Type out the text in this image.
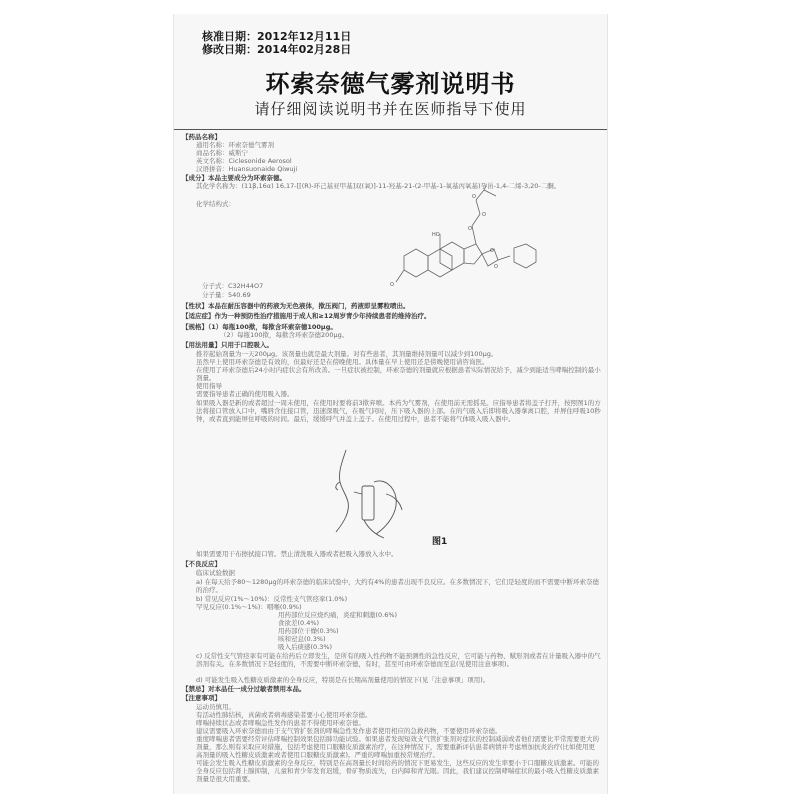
核准日期：2012年12月11日
修改日期：2014年02月28日
环索奈德气雾剂说明书
请仔细阅读说明书并在医师指导下使用
O
HO
O
O
O
O
O
图1
【药品名称】
通用名称：环索奈德气雾剂
商品名称：威斯宁
英文名称：Ciclesonide Aerosol
汉语拼音：Huansuonaide Qiwuji
【成分】本品主要成分为环索奈德。
其化学名称为：(11β,16α) 16,17-[[(R)-环己基亚甲基]双(氧)]-11-羟基-21-(2-甲基-1-氧基丙氧基)孕甾-1,4-二烯-3,20-二酮。
化学结构式：
分子式：C32H44O7
分子量：540.69
【性状】本品在耐压容器中的药液为无色液体，揿压阀门，药液即呈雾粒喷出。
【适应症】作为一种预防性治疗措施用于成人和≥12周岁青少年持续患者的维持治疗。
【规格】（1）每瓶100揿，每揿含环索奈德100μg。
（2）每瓶100揿，每揿含环索奈德200μg。
【用法用量】只用于口腔吸入。
推荐起始剂量为一天200μg。该剂量也就是最大剂量。对有些患者，其剂量维持剂量可以减少到100μg。
虽然早上使用环索奈德是有效的，但最好还是在傍晚使用。具体量在早上使用还是傍晚使用请咨询医。
在使用了环索奈德后24小时内症状会有所改善。一旦症状被控制，环索奈德的剂量就应根据患者实际情况给予，减少到能适当哮喘控制的最小剂量。
使用指导
需要指导患者正确的使用吸入器。
如果吸入器是新的或者超过一周未使用，在使用时要将前3揿弃喷。本药为气雾剂，在使用前无需摇晃。应指导患者将盖子打开，按照图1的方法将接口管放入口中，嘴唇含住接口管，迅速深吸气，在吸气同时，压下吸入器的上部。在的气吸入后即将吸入器拿离口腔，并屏住呼吸10秒钟，或者直到能屏住呼吸的时间。最后，缓缓呼气并盖上盖子。在使用过程中，患者不能将气体吸入吸入器中。
如果需要用干布擦拭接口管。禁止清洗吸入器或者把吸入器放入水中。
【不良反应】
临床试验数据
a) 在每天给予80～1280μg的环索奈德的临床试验中，大约有4%的患者出现不良反应。在多数情况下，它们是轻度的而不需要中断环索奈德的治疗。
b) 常见反应(1%～10%)：反常性支气管痉挛(1.0%)
罕见反应(0.1%～1%)：咽喉(0.9%)
用药部位反应烧灼痛，炎症和刺激(0.6%)
食欲差(0.4%)
用药部位干燥(0.3%)
咳和窒息(0.3%)
吸入后痰感(0.3%)
c) 反常性支气管痉挛有可能在给药后立即发生，是所有的吸入性药物不能预测性的急性反应，它可能与药物、赋形剂或者在计量吸入器中的气溶剂有关。在多数情况下是轻度的，不需要中断环索奈德，有时，甚至可由环索奈德而至息(见使用注意事项)。
d) 可能发生吸入性糖皮质激素的全身反应，特别是在长期高剂量使用的情况下(见「注意事项」项用)。
【禁忌】对本品任一成分过敏者禁用本品。
【注意事项】
运动员慎用。
有活动性肺结核，真菌或者病毒感染者要小心使用环索奈德。
哮喘持续状态或者哮喘急性发作的患者不得使用环索奈德。
建议需要吸入环索奈德而由于支气管扩张剂的哮喘急性发作患者使用相应的急救药物，不要使用环索奈德。
重度哮喘患者需要经常评估哮喘控制效果包括肺功能试验。如果患者发现短效支气管扩张剂对症状的控制减弱或者他们需要比平常需要更大的剂量，那么则有采取应对措施，包括考虑使用口服糖皮质激素治疗，在这种情况下，需要重新评估患者病情并考虑增加抗炎治疗(比如使用更高剂量的吸入性糖皮质激素或者使用口服糖皮质激素)。严重的哮喘加重按常规治疗。
可能会发生吸入性糖皮质激素的全身反应，特别是在高剂量长时间给药的情况下更易发生，这些反应的发生率要小于口服糖皮质激素。可能的全身反应包括肾上腺抑制，儿童和青少年发育迟缓，骨矿物质流失，白内障和青光眼。因此，我们建议控制哮喘症状的最小吸入性糖皮质激素剂量是很大用重要。
